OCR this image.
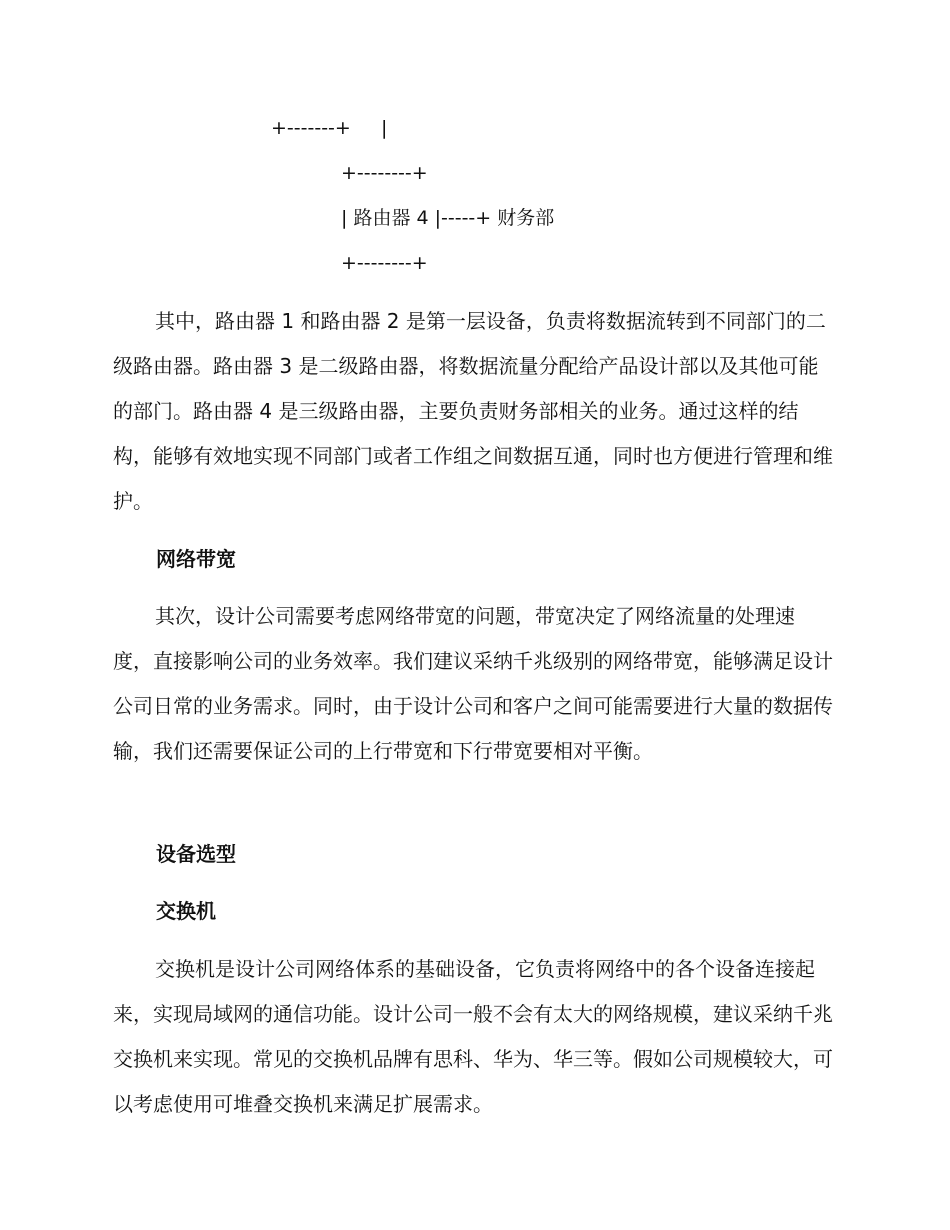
+-------+     |
+--------+
| 路由器 4 |-----+ 财务部
+--------+

其中，路由器 1 和路由器 2 是第一层设备，负责将数据流转到不同部门的二级路由器。路由器 3 是二级路由器，将数据流量分配给产品设计部以及其他可能的部门。路由器 4 是三级路由器，主要负责财务部相关的业务。通过这样的结构，能够有效地实现不同部门或者工作组之间数据互通，同时也方便进行管理和维护。

网络带宽

其次，设计公司需要考虑网络带宽的问题，带宽决定了网络流量的处理速度，直接影响公司的业务效率。我们建议采纳千兆级别的网络带宽，能够满足设计公司日常的业务需求。同时，由于设计公司和客户之间可能需要进行大量的数据传输，我们还需要保证公司的上行带宽和下行带宽要相对平衡。

设备选型
交换机

交换机是设计公司网络体系的基础设备，它负责将网络中的各个设备连接起来，实现局域网的通信功能。设计公司一般不会有太大的网络规模，建议采纳千兆交换机来实现。常见的交换机品牌有思科、华为、华三等。假如公司规模较大，可以考虑使用可堆叠交换机来满足扩展需求。
